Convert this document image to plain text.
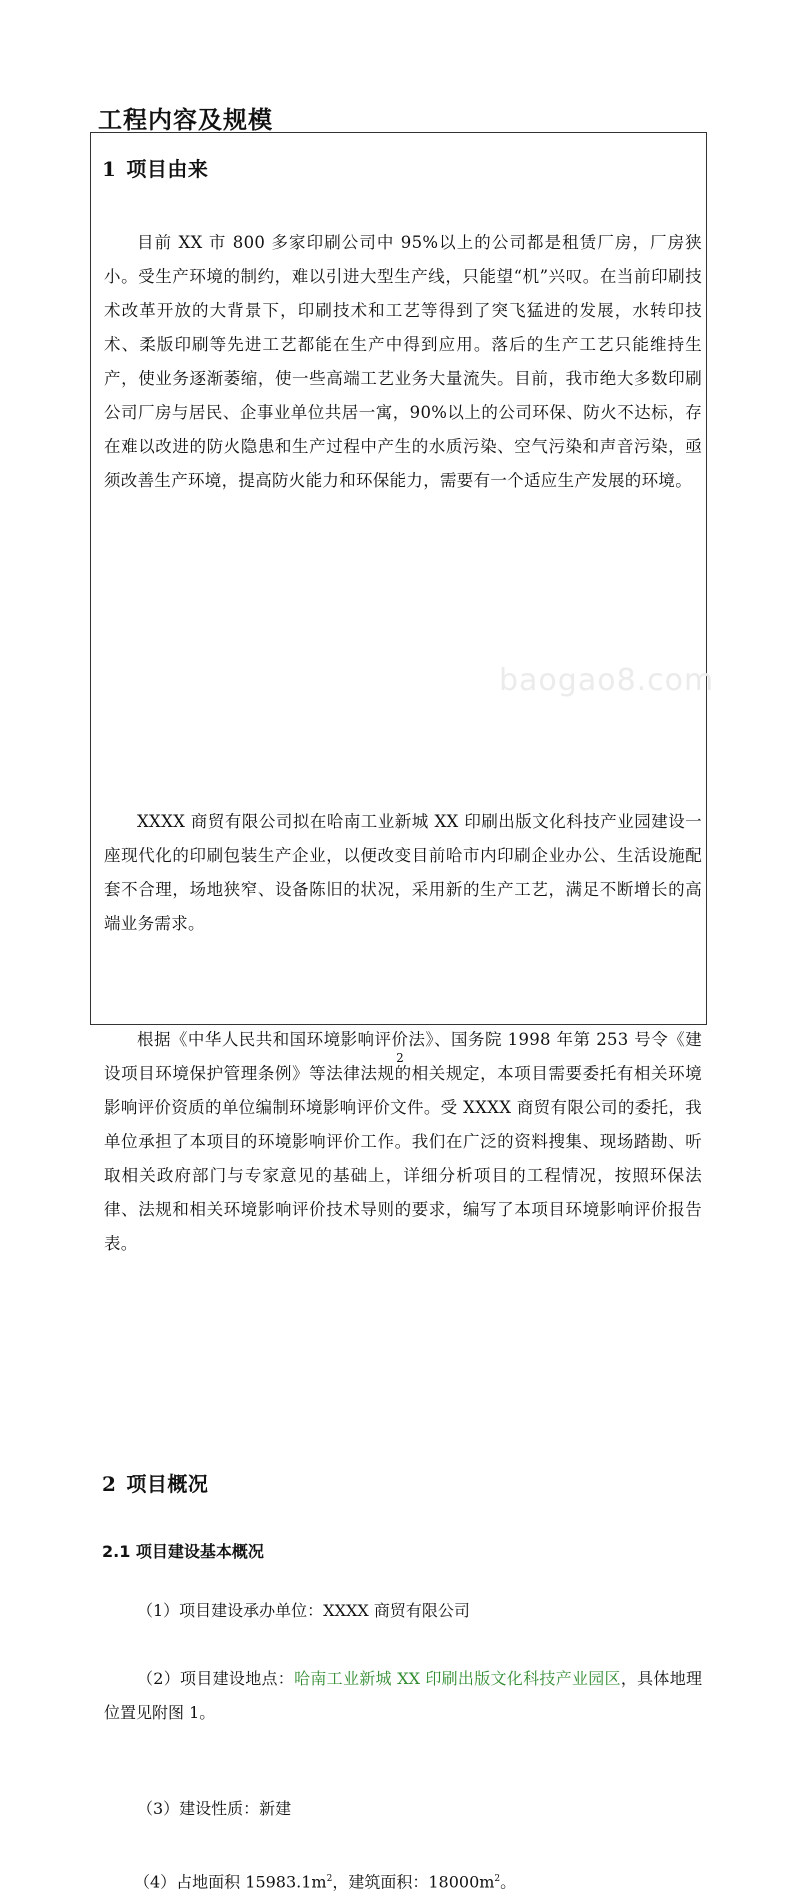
工程内容及规模
baogao8.com
1 项目由来

目前 XX 市 800 多家印刷公司中 95%以上的公司都是租赁厂房，厂房狭小。受生产环境的制约，难以引进大型生产线，只能望“机”兴叹。在当前印刷技术改革开放的大背景下，印刷技术和工艺等得到了突飞猛进的发展，水转印技术、柔版印刷等先进工艺都能在生产中得到应用。落后的生产工艺只能维持生产，使业务逐渐萎缩，使一些高端工艺业务大量流失。目前，我市绝大多数印刷公司厂房与居民、企事业单位共居一寓，90%以上的公司环保、防火不达标，存在难以改进的防火隐患和生产过程中产生的水质污染、空气污染和声音污染，亟须改善生产环境，提高防火能力和环保能力，需要有一个适应生产发展的环境。

XXXX 商贸有限公司拟在哈南工业新城 XX 印刷出版文化科技产业园建设一座现代化的印刷包装生产企业，以便改变目前哈市内印刷企业办公、生活设施配套不合理，场地狭窄、设备陈旧的状况，采用新的生产工艺，满足不断增长的高端业务需求。

根据《中华人民共和国环境影响评价法》、国务院 1998 年第 253 号令《建设项目环境保护管理条例》等法律法规的相关规定，本项目需要委托有相关环境影响评价资质的单位编制环境影响评价文件。受 XXXX 商贸有限公司的委托，我单位承担了本项目的环境影响评价工作。我们在广泛的资料搜集、现场踏勘、听取相关政府部门与专家意见的基础上，详细分析项目的工程情况，按照环保法律、法规和相关环境影响评价技术导则的要求，编写了本项目环境影响评价报告表。

2 项目概况
2.1 项目建设基本概况

（1）项目建设承办单位：XXXX 商贸有限公司

（2）项目建设地点：哈南工业新城 XX 印刷出版文化科技产业园区，具体地理位置见附图 1。

（3）建设性质：新建

（4）占地面积 $15983.1m^2$，建筑面积：$18000m^2$。

2
